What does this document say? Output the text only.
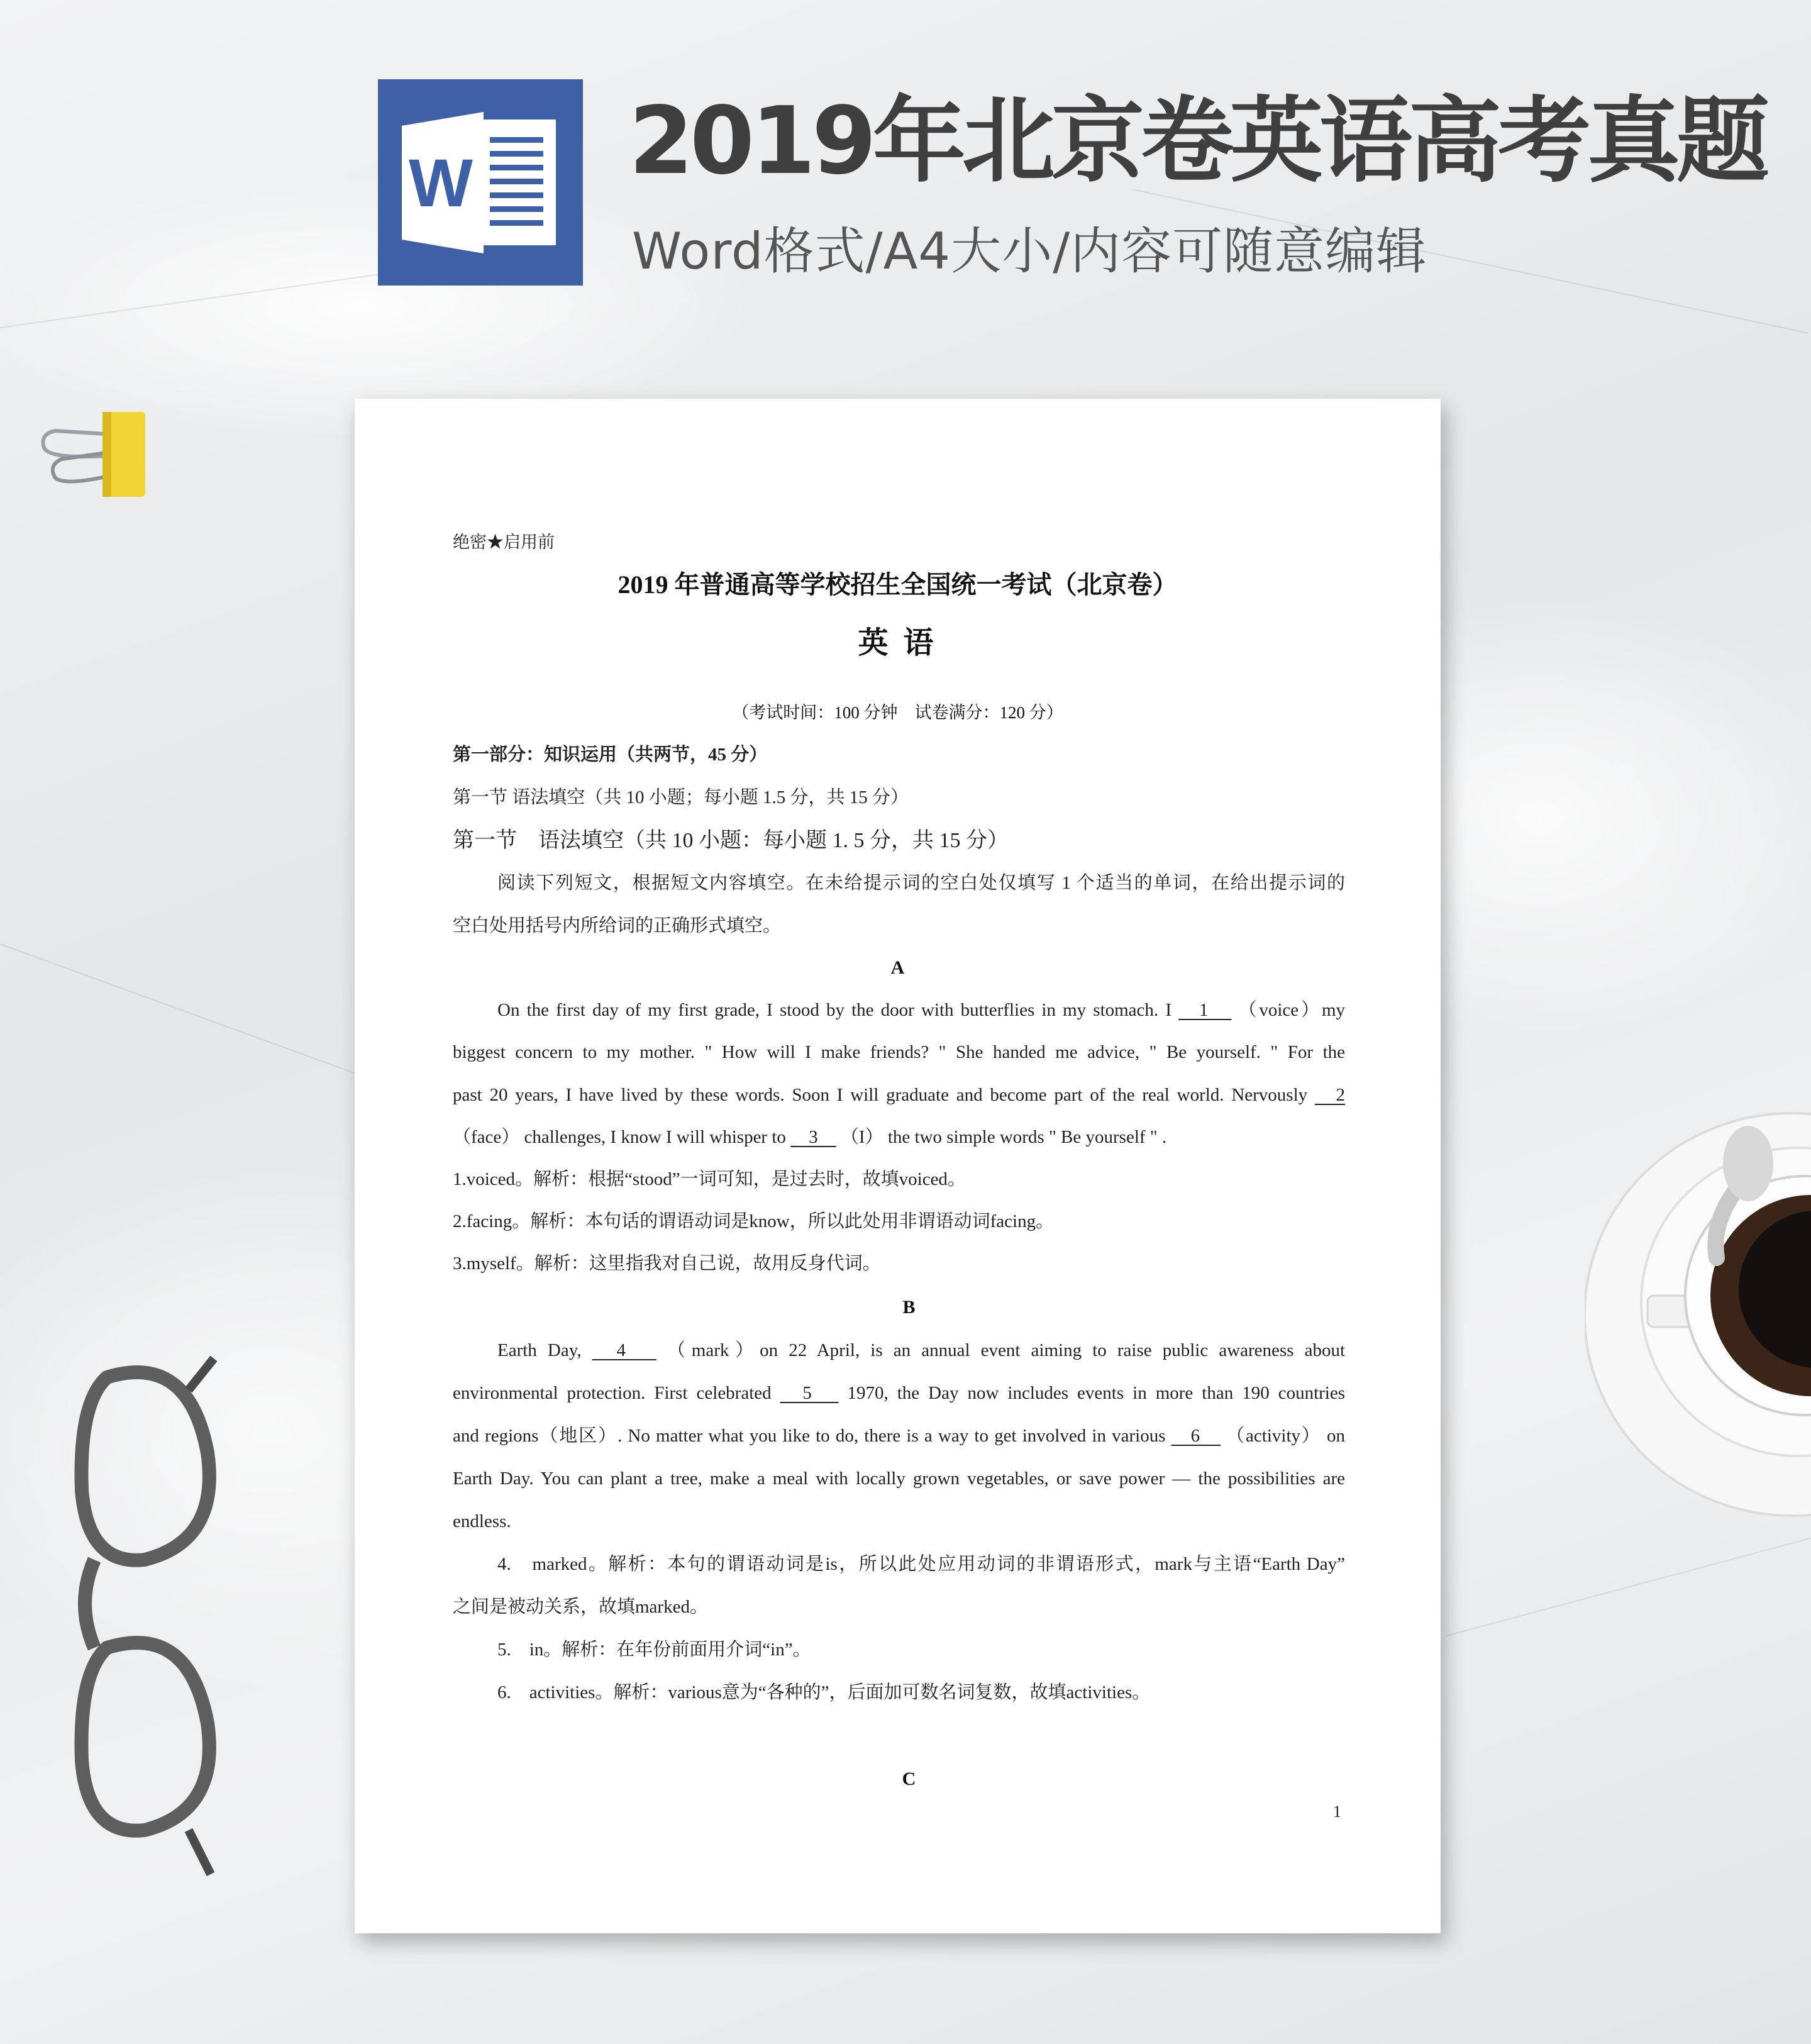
W 2019年北京卷英语高考真题
Word格式/A4大小/内容可随意编辑
绝密★启用前
2019 年普通高等学校招生全国统一考试（北京卷）
英 语
（考试时间：100 分钟　试卷满分：120 分）
第一部分：知识运用（共两节，45 分）
第一节 语法填空（共 10 小题；每小题 1.5 分，共 15 分）
第一节　语法填空（共 10 小题：每小题 1. 5 分，共 15 分）
阅读下列短文，根据短文内容填空。在未给提示词的空白处仅填写 1 个适当的单词，在给出提示词的
空白处用括号内所给词的正确形式填空。
A
On the first day of my first grade, I stood by the door with butterflies in my stomach. I 　1　 （voice）my
biggest concern to my mother. " How will I make friends? " She handed me advice, " Be yourself. " For the
past 20 years, I have lived by these words. Soon I will graduate and become part of the real world. Nervously 　2
（face） challenges, I know I will whisper to 　3　 （I） the two simple words " Be yourself " .
1.voiced。解析：根据“stood”一词可知，是过去时，故填voiced。
2.facing。解析：本句话的谓语动词是know，所以此处用非谓语动词facing。
3.myself。解析：这里指我对自己说，故用反身代词。
B
Earth Day, 　4　 （mark）on 22 April, is an annual event aiming to raise public awareness about
environmental protection. First celebrated 　5　 1970, the Day now includes events in more than 190 countries
and regions（地区）. No matter what you like to do, there is a way to get involved in various 　6　 （activity） on
Earth Day. You can plant a tree, make a meal with locally grown vegetables, or save power — the possibilities are
endless.
4.　marked。解析：本句的谓语动词是is，所以此处应用动词的非谓语形式，mark与主语“Earth Day”
之间是被动关系，故填marked。
5.　in。解析：在年份前面用介词“in”。
6.　activities。解析：various意为“各种的”，后面加可数名词复数，故填activities。
C
1
